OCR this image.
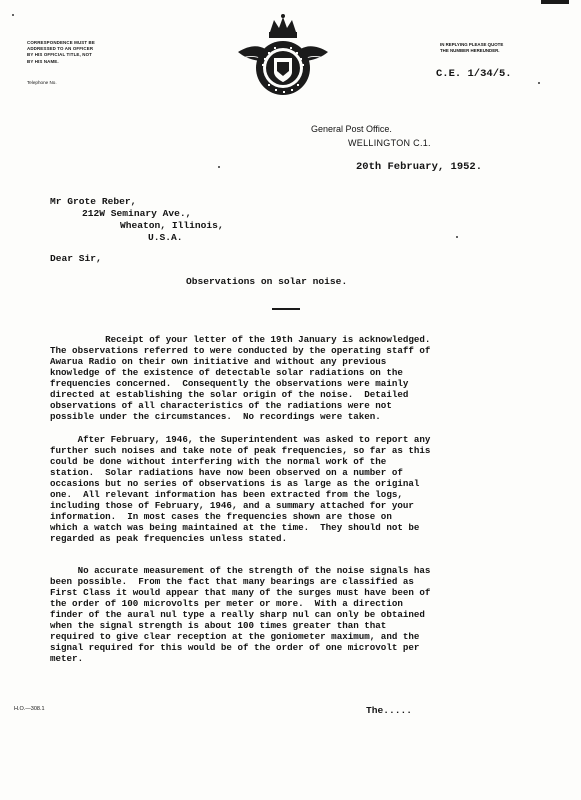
CORRESPONDENCE MUST BE
ADDRESSED TO AN OFFICER
BY HIS OFFICIAL TITLE, NOT
BY HIS NAME.
Telephone No.
IN REPLYING PLEASE QUOTE
THE NUMBER HEREUNDER.
C.E. 1/34/5.
General Post Office.
WELLINGTON C.1.
20th February, 1952.
Mr Grote Reber,
212W Seminary Ave.,
Wheaton, Illinois,
U.S.A.
Dear Sir,
Observations on solar noise.
Receipt of your letter of the 19th January is acknowledged.
The observations referred to were conducted by the operating staff of
Awarua Radio on their own initiative and without any previous
knowledge of the existence of detectable solar radiations on the
frequencies concerned.  Consequently the observations were mainly
directed at establishing the solar origin of the noise.  Detailed
observations of all characteristics of the radiations were not
possible under the circumstances.  No recordings were taken.
After February, 1946, the Superintendent was asked to report any
further such noises and take note of peak frequencies, so far as this
could be done without interfering with the normal work of the
station.  Solar radiations have now been observed on a number of
occasions but no series of observations is as large as the original
one.  All relevant information has been extracted from the logs,
including those of February, 1946, and a summary attached for your
information.  In most cases the frequencies shown are those on
which a watch was being maintained at the time.  They should not be
regarded as peak frequencies unless stated.
No accurate measurement of the strength of the noise signals has
been possible.  From the fact that many bearings are classified as
First Class it would appear that many of the surges must have been of
the order of 100 microvolts per meter or more.  With a direction
finder of the aural nul type a really sharp nul can only be obtained
when the signal strength is about 100 times greater than that
required to give clear reception at the goniometer maximum, and the
signal required for this would be of the order of one microvolt per
meter.
H.O.—308.1	The.....
